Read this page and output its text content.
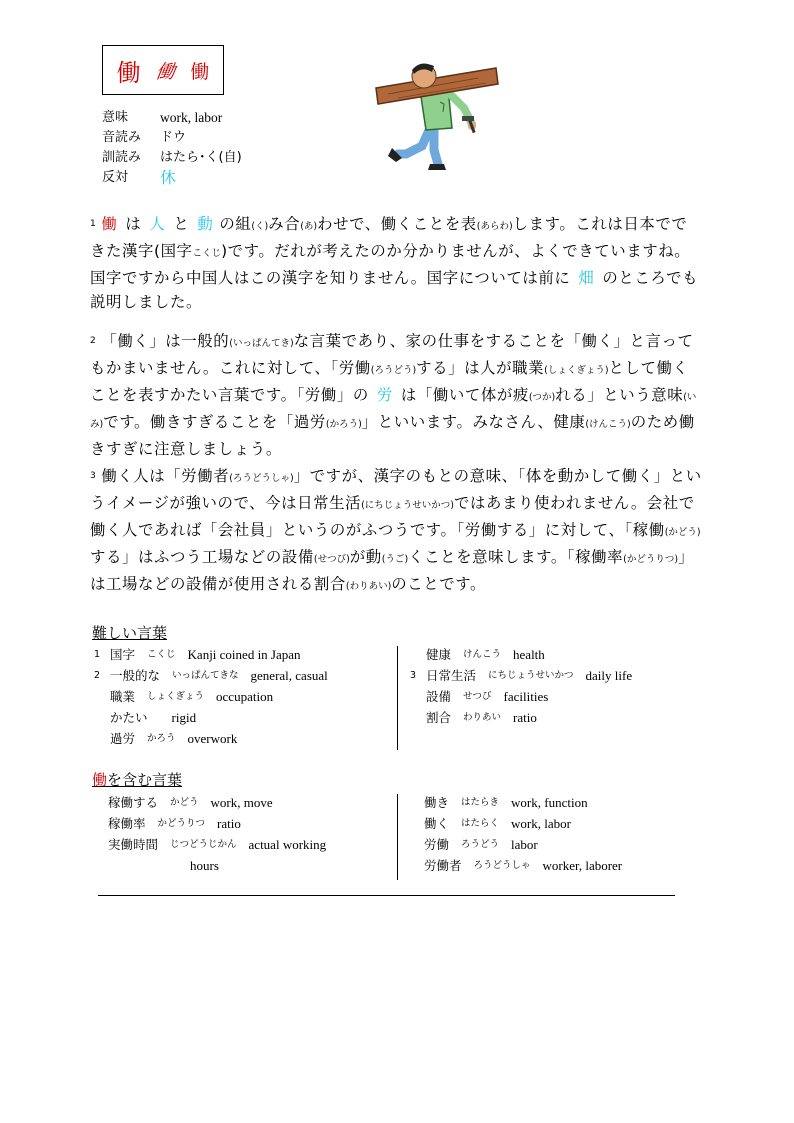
働 働 働
意味	work, labor
音読み	ドウ
訓読み	はたら･く(自)
反対	休
1 働 は 人 と 動 の組(く)み合(あ)わせで、働くことを表(あらわ)します。これは日本でできた漢字(国字こくじ)です。だれが考えたのか分かりませんが、よくできていますね。国字ですから中国人はこの漢字を知りません。国字については前に 畑 のところでも説明しました。
2 「働く」は一般的(いっぱんてき)な言葉であり、家の仕事をすることを「働く」と言ってもかまいません。これに対して、「労働(ろうどう)する」は人が職業(しょくぎょう)として働くことを表すかたい言葉です。「労働」の 労 は「働いて体が疲(つか)れる」という意味(いみ)です。働きすぎることを「過労(かろう)」といいます。みなさん、健康(けんこう)のため働きすぎに注意しましょう。
3 働く人は「労働者(ろうどうしゃ)」ですが、漢字のもとの意味、「体を動かして働く」というイメージが強いので、今は日常生活(にちじょうせいかつ)ではあまり使われません。会社で働く人であれば「会社員」というのがふつうです。「労働する」に対して、「稼働(かどう)する」はふつう工場などの設備(せつび)が動(うご)くことを意味します。「稼働率(かどうりつ)」は工場などの設備が使用される割合(わりあい)のことです。
難しい言葉
1 国字 こくじ Kanji coined in Japan
2 一般的な いっぱんてきな general, casual
職業 しょくぎょう occupation
かたい rigid
過労 かろう overwork
健康 けんこう health
3 日常生活 にちじょうせいかつ daily life
設備 せつび facilities
割合 わりあい ratio
働を含む言葉
稼働する かどう work, move
稼働率 かどうりつ ratio
実働時間 じつどうじかん actual working
hours
働き はたらき work, function
働く はたらく work, labor
労働 ろうどう labor
労働者 ろうどうしゃ worker, laborer
